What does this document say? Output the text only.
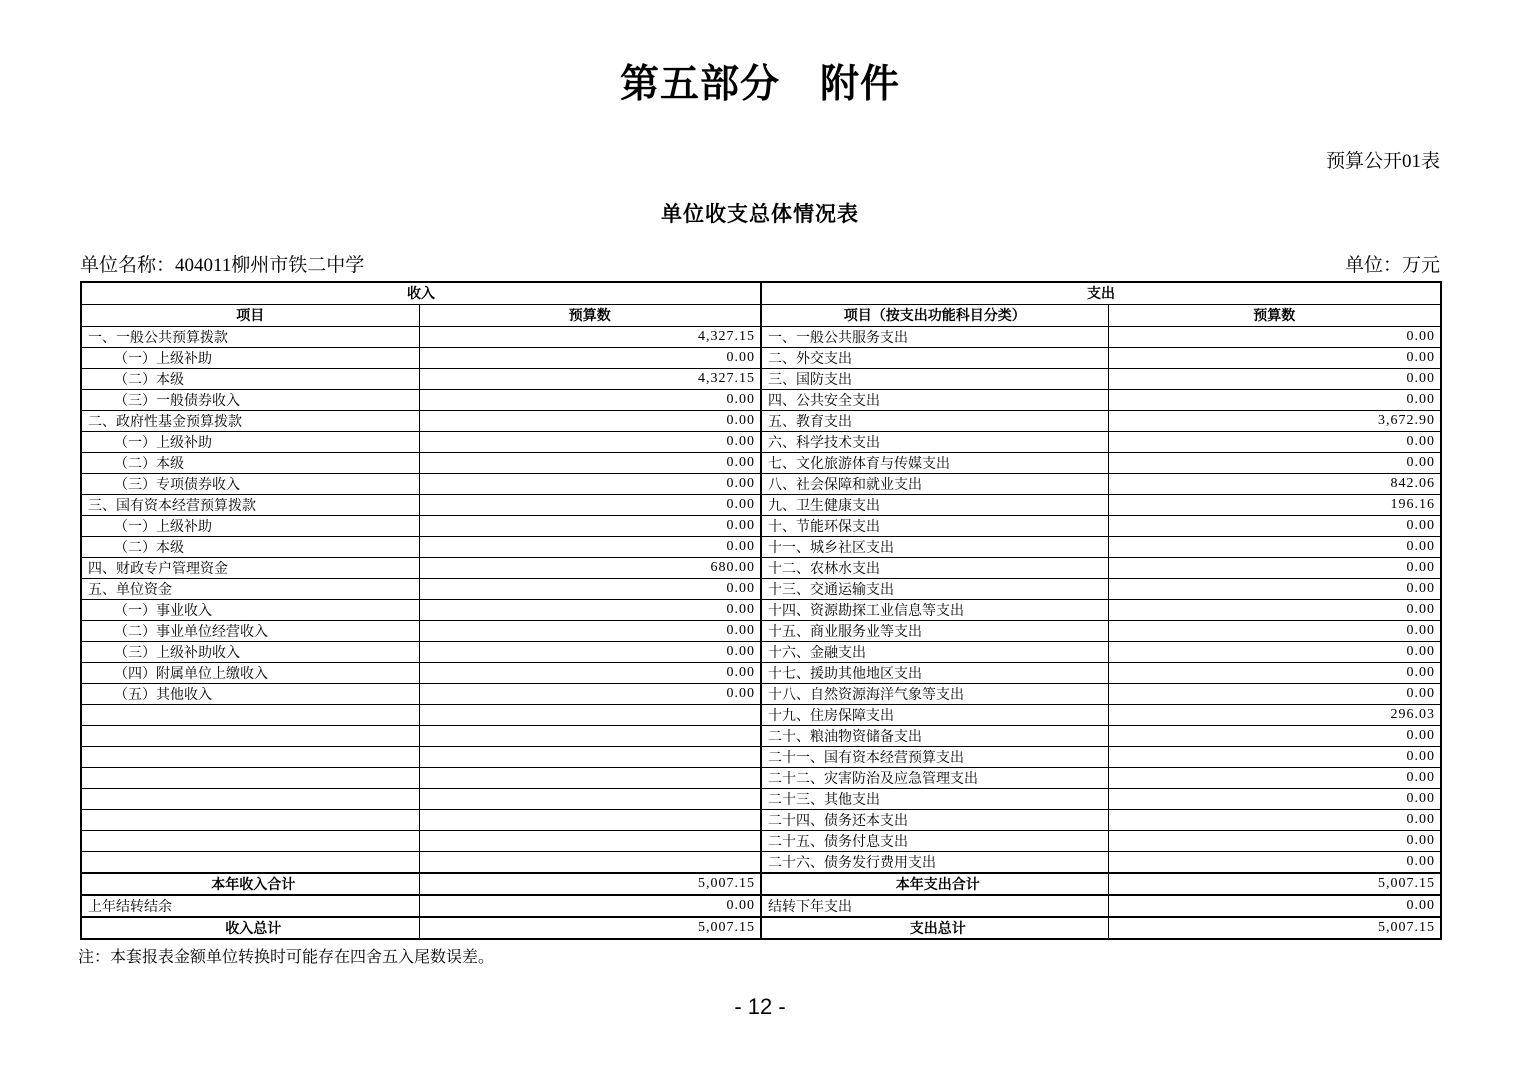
第五部分　附件
预算公开01表
单位收支总体情况表
单位名称：404011柳州市铁二中学	单位：万元
收入		支出	
项目	预算数	项目（按支出功能科目分类）	预算数
一、一般公共预算拨款	4,327.15	一、一般公共服务支出	0.00
（一）上级补助	0.00	二、外交支出	0.00
（二）本级	4,327.15	三、国防支出	0.00
（三）一般债券收入	0.00	四、公共安全支出	0.00
二、政府性基金预算拨款	0.00	五、教育支出	3,672.90
（一）上级补助	0.00	六、科学技术支出	0.00
（二）本级	0.00	七、文化旅游体育与传媒支出	0.00
（三）专项债券收入	0.00	八、社会保障和就业支出	842.06
三、国有资本经营预算拨款	0.00	九、卫生健康支出	196.16
（一）上级补助	0.00	十、节能环保支出	0.00
（二）本级	0.00	十一、城乡社区支出	0.00
四、财政专户管理资金	680.00	十二、农林水支出	0.00
五、单位资金	0.00	十三、交通运输支出	0.00
（一）事业收入	0.00	十四、资源勘探工业信息等支出	0.00
（二）事业单位经营收入	0.00	十五、商业服务业等支出	0.00
（三）上级补助收入	0.00	十六、金融支出	0.00
（四）附属单位上缴收入	0.00	十七、援助其他地区支出	0.00
（五）其他收入	0.00	十八、自然资源海洋气象等支出	0.00
		十九、住房保障支出	296.03
		二十、粮油物资储备支出	0.00
		二十一、国有资本经营预算支出	0.00
		二十二、灾害防治及应急管理支出	0.00
		二十三、其他支出	0.00
		二十四、债务还本支出	0.00
		二十五、债务付息支出	0.00
		二十六、债务发行费用支出	0.00
本年收入合计	5,007.15	本年支出合计	5,007.15
上年结转结余	0.00	结转下年支出	0.00
收入总计	5,007.15	支出总计	5,007.15
注：本套报表金额单位转换时可能存在四舍五入尾数误差。
- 12 -
